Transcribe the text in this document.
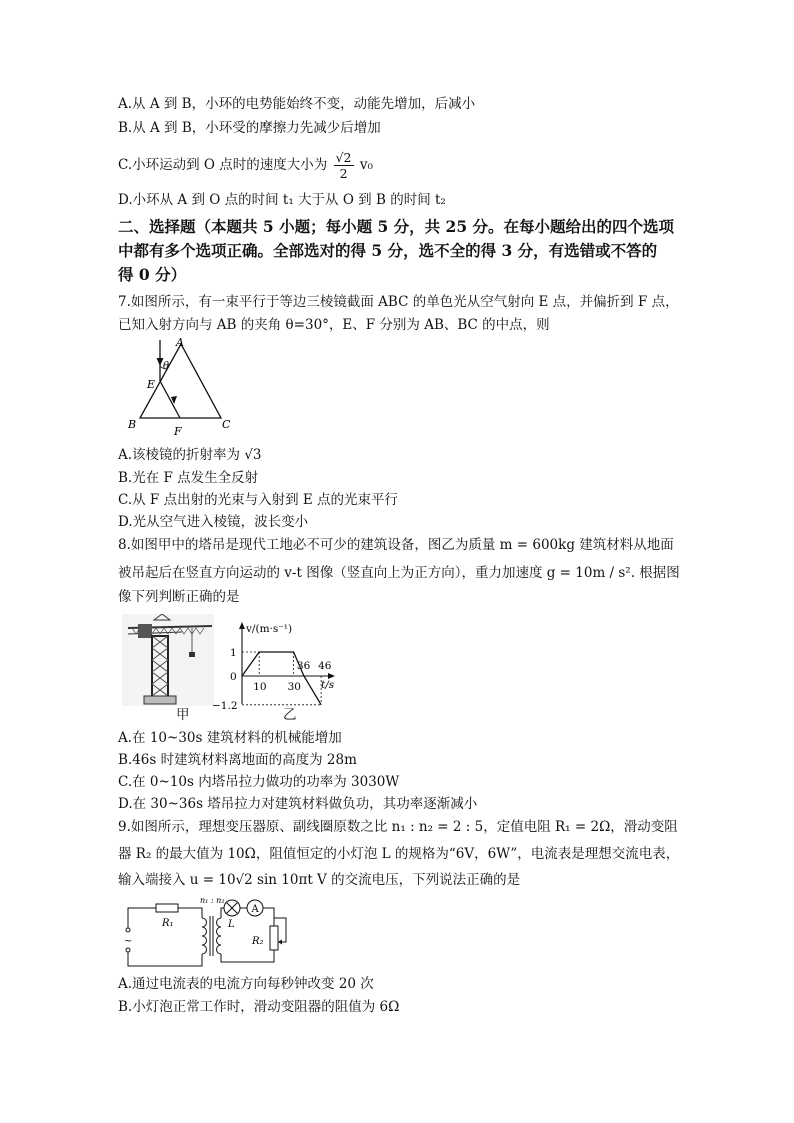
A.从 A 到 B，小环的电势能始终不变，动能先增加，后减小
B.从 A 到 B，小环受的摩擦力先减少后增加
C.小环运动到 O 点时的速度大小为 $\frac{√2}{2} v_0$
D.小环从 A 到 O 点的时间 t₁ 大于从 O 到 B 的时间 t₂
二、选择题（本题共 5 小题；每小题 5 分，共 25 分。在每小题给出的四个选项
中都有多个选项正确。全部选对的得 5 分，选不全的得 3 分，有选错或不答的
得 0 分）
7.如图所示，有一束平行于等边三棱镜截面 ABC 的单色光从空气射向 E 点，并偏折到 F 点，
已知入射方向与 AB 的夹角 θ=30°，E、F 分别为 AB、BC 的中点，则
A
B	C
E
F
θ
A.该棱镜的折射率为 √3
B.光在 F 点发生全反射
C.从 F 点出射的光束与入射到 E 点的光束平行
D.光从空气进入棱镜，波长变小
8.如图甲中的塔吊是现代工地必不可少的建筑设备，图乙为质量 m = 600kg 建筑材料从地面
被吊起后在竖直方向运动的 v-t 图像（竖直向上为正方向），重力加速度 g = 10m / s². 根据图
像下列判断正确的是
甲
v/(m·s⁻¹)
t/s
1
0
−1.2
10 30
36 46
乙
A.在 10~30s 建筑材料的机械能增加
B.46s 时建筑材料离地面的高度为 28m
C.在 0~10s 内塔吊拉力做功的功率为 3030W
D.在 30~36s 塔吊拉力对建筑材料做负功，其功率逐渐减小
9.如图所示，理想变压器原、副线圈原数之比 n₁ : n₂ = 2 : 5，定值电阻 R₁ = 2Ω，滑动变阻
器 R₂ 的最大值为 10Ω，阻值恒定的小灯泡 L 的规格为“6V，6W”，电流表是理想交流电表，
输入端接入 u = 10√2 sin 10πt V 的交流电压，下列说法正确的是
~
R₁
n₁ : n₂
L
A
R₂
A.通过电流表的电流方向每秒钟改变 20 次
B.小灯泡正常工作时，滑动变阻器的阻值为 6Ω
